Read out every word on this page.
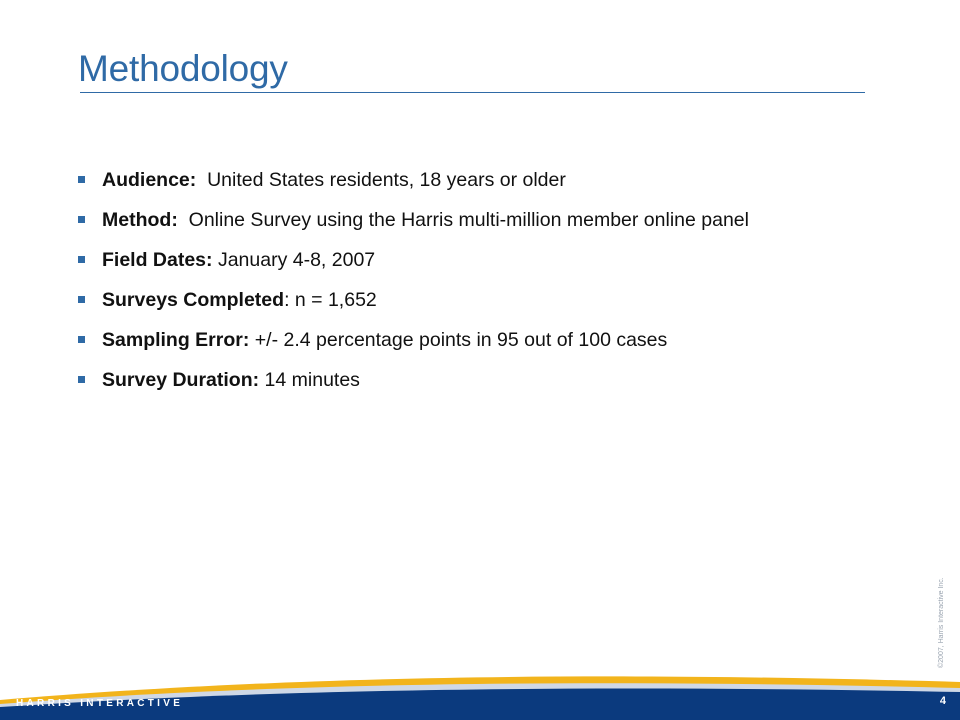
Methodology
Audience:  United States residents, 18 years or older
Method:  Online Survey using the Harris multi-million member online panel
Field Dates: January 4-8, 2007
Surveys Completed: n = 1,652
Sampling Error: +/- 2.4 percentage points in 95 out of 100 cases
Survey Duration: 14 minutes
©2007, Harris Interactive Inc.
HARRIS INTERACTIVE	4
